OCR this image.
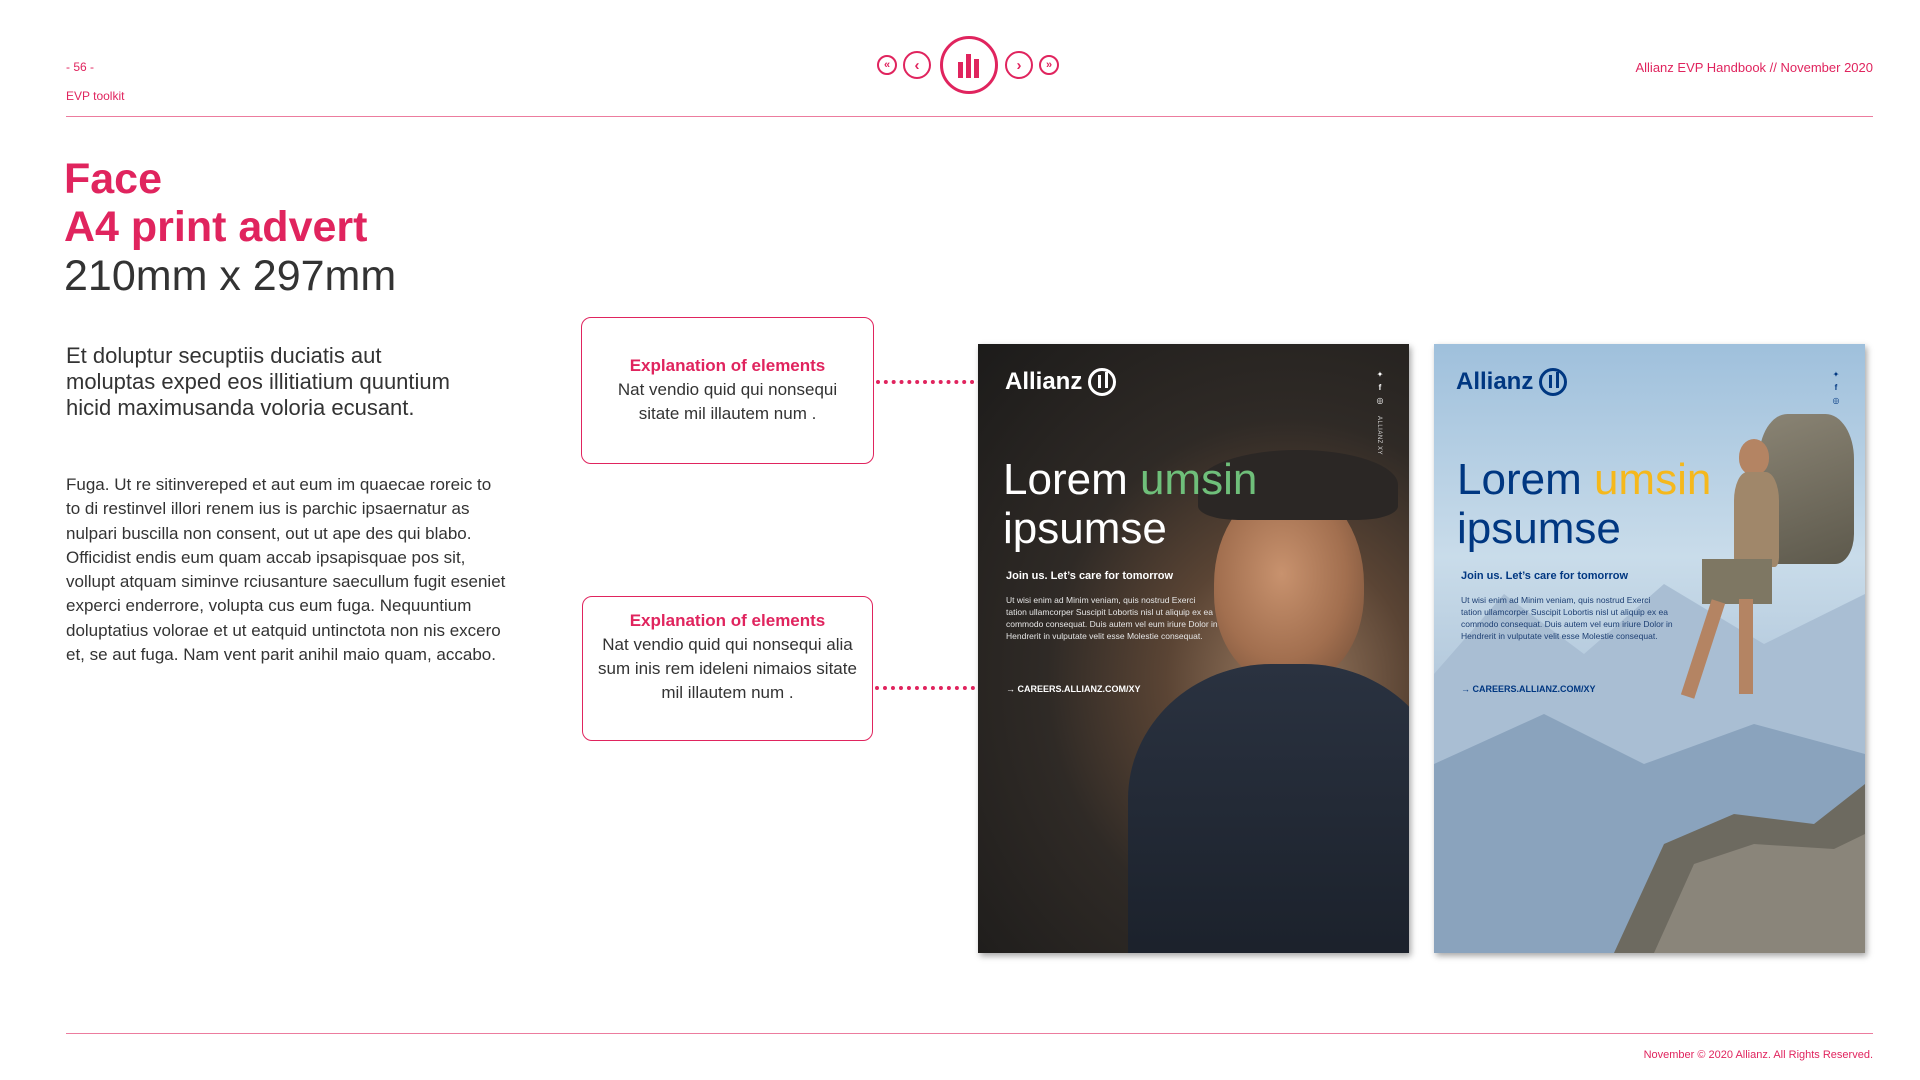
- 56 -
EVP toolkit
Allianz EVP Handbook // November 2020
« ‹	› »
Face
A4 print advert
210mm x 297mm
Et doluptur secuptiis duciatis aut moluptas exped eos illitiatium quuntium hicid maximusanda voloria ecusant.
Fuga. Ut re sitinvereped et aut eum im quaecae roreic to to di restinvel illori renem ius is parchic ipsaernatur as nulpari buscilla non consent, out ut ape des qui blabo. Officidist endis eum quam accab ipsapisquae pos sit, vollupt atquam siminve rciusanture saecullum fugit eseniet experci enderrore, volupta cus eum fuga. Nequuntium doluptatius volorae et ut eatquid untinctota non nis excero et, se aut fuga. Nam vent parit anihil maio quam, accabo.
Explanation of elements
Nat vendio quid qui nonsequi sitate mil illautem num .
Explanation of elements
Nat vendio quid qui nonsequi alia sum inis rem ideleni nimaios sitate mil illautem num .
Allianz	✦
f
◎
ALLIANZ XY
Lorem umsin
ipsumse
Join us. Let’s care for tomorrow
Ut wisi enim ad Minim veniam, quis nostrud Exerci tation ullamcorper Suscipit Lobortis nisl ut aliquip ex ea commodo consequat. Duis autem vel eum iriure Dolor in Hendrerit in vulputate velit esse Molestie consequat.
→ CAREERS.ALLIANZ.COM/XY
Allianz	✦
f
◎
Lorem umsin
ipsumse
Join us. Let’s care for tomorrow
Ut wisi enim ad Minim veniam, quis nostrud Exerci tation ullamcorper Suscipit Lobortis nisl ut aliquip ex ea commodo consequat. Duis autem vel eum iriure Dolor in Hendrerit in vulputate velit esse Molestie consequat.
→ CAREERS.ALLIANZ.COM/XY
November © 2020 Allianz. All Rights Reserved.
